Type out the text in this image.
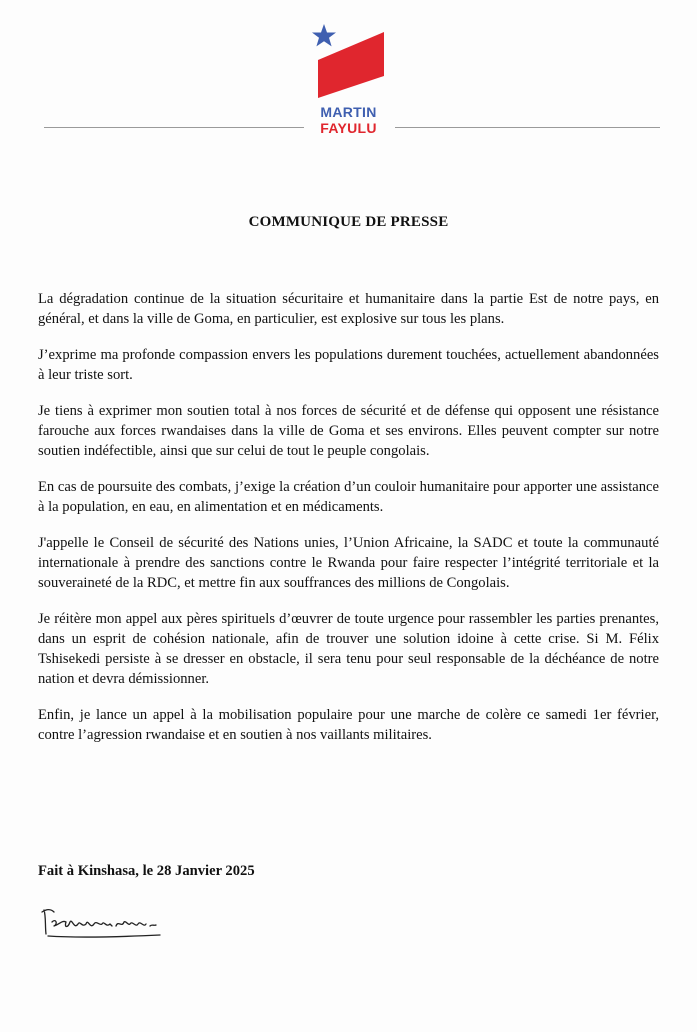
MARTIN
FAYULU
COMMUNIQUE DE PRESSE

La dégradation continue de la situation sécuritaire et humanitaire dans la partie Est de notre pays, en général, et dans la ville de Goma, en particulier, est explosive sur tous les plans.

J’exprime ma profonde compassion envers les populations durement touchées, actuellement abandonnées à leur triste sort.

Je tiens à exprimer mon soutien total à nos forces de sécurité et de défense qui opposent une résistance farouche aux forces rwandaises dans la ville de Goma et ses environs. Elles peuvent compter sur notre soutien indéfectible, ainsi que sur celui de tout le peuple congolais.

En cas de poursuite des combats, j’exige la création d’un couloir humanitaire pour apporter une assistance à la population, en eau, en alimentation et en médicaments.

J'appelle le Conseil de sécurité des Nations unies, l’Union Africaine, la SADC et toute la communauté internationale à prendre des sanctions contre le Rwanda pour faire respecter l’intégrité territoriale et la souveraineté de la RDC, et mettre fin aux souffrances des millions de Congolais.

Je réitère mon appel aux pères spirituels d’œuvrer de toute urgence pour rassembler les parties prenantes, dans un esprit de cohésion nationale, afin de trouver une solution idoine à cette crise. Si M. Félix Tshisekedi persiste à se dresser en obstacle, il sera tenu pour seul responsable de la déchéance de notre nation et devra démissionner.

Enfin, je lance un appel à la mobilisation populaire pour une marche de colère ce samedi 1er février, contre l’agression rwandaise et en soutien à nos vaillants militaires.

Fait à Kinshasa, le 28 Janvier 2025
